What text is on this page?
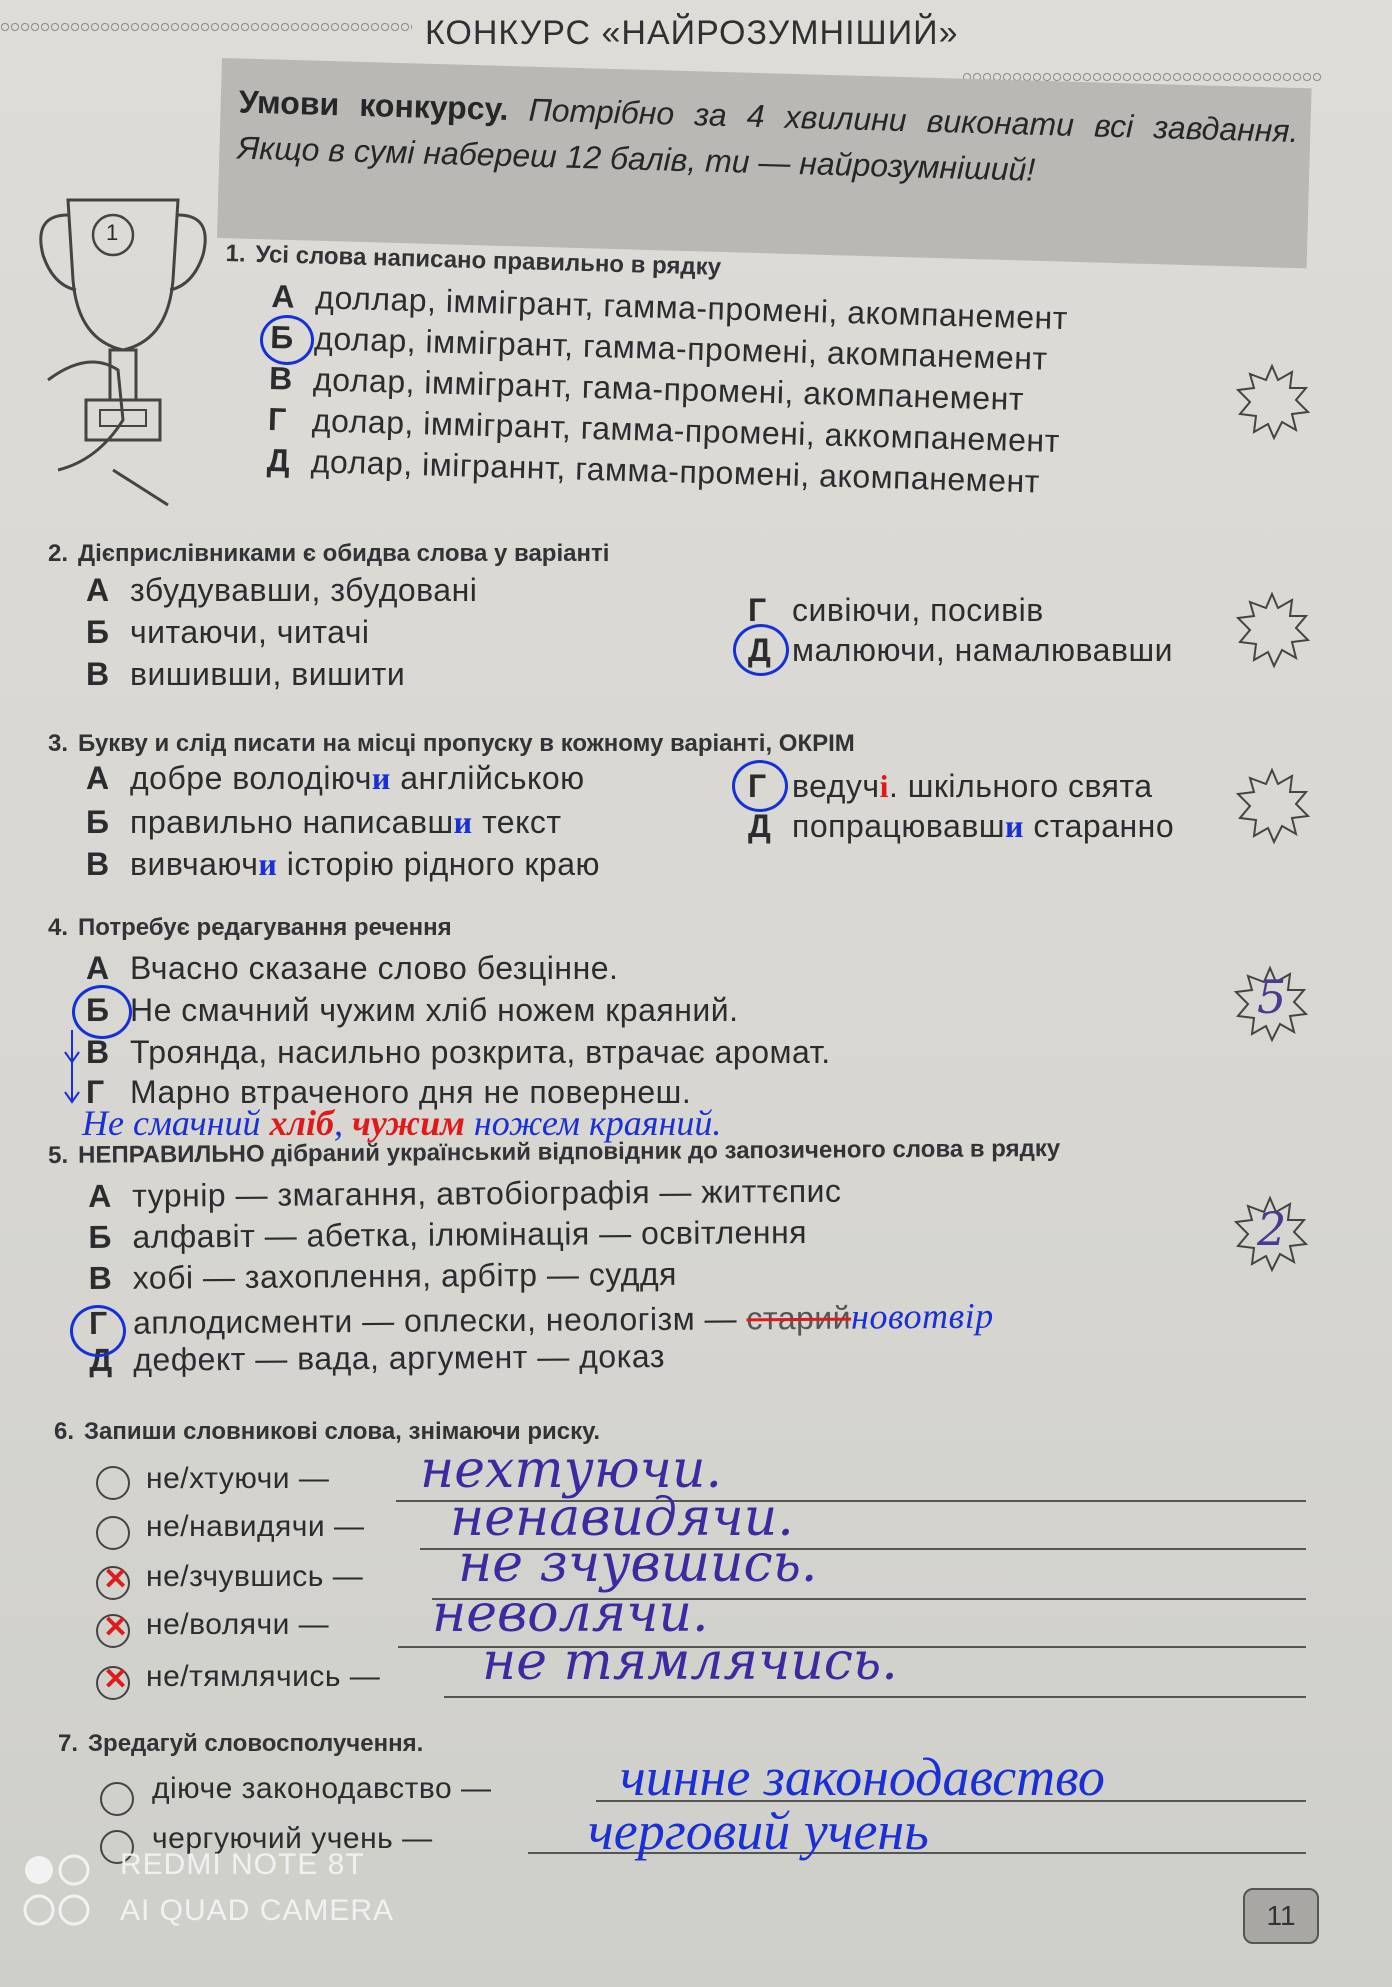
КОНКУРС «НАЙРОЗУМНІШИЙ»
Умови конкурсу. Потрібно за 4 хвилини виконати всі завдання. Якщо в сумі набереш 12 балів, ти — найрозумніший!
1
1. Усі слова написано правильно в рядку
А доллар, іммігрант, гамма-промені, акомпанемент
Б долар, іммігрант, гамма-промені, акомпанемент
В долар, іммігрант, гама-промені, акомпанемент
Г долар, іммігрант, гамма-промені, аккомпанемент
Д долар, іміграннт, гамма-промені, акомпанемент
2. Дієприслівниками є обидва слова у варіанті
А збудувавши, збудовані
Б читаючи, читачі
В вишивши, вишити
Г сивіючи, посивів
Д малюючи, намалювавши
3. Букву и слід писати на місці пропуску в кожному варіанті, ОКРІМ
А добре володіючи англійською
Б правильно написавши текст
В вивчаючи історію рідного краю
Г ведучі. шкільного свята
Д попрацювавши старанно
4. Потребує редагування речення
А Вчасно сказане слово безцінне.
Б Не смачний чужим хліб ножем краяний.
В Троянда, насильно розкрита, втрачає аромат.
Г Марно втраченого дня не повернеш.
Не смачний хліб, чужим ножем краяний.
5. НЕПРАВИЛЬНО дібраний український відповідник до запозиченого слова в рядку
А турнір — змагання, автобіографія — життєпис
Б алфавіт — абетка, ілюмінація — освітлення
В хобі — захоплення, арбітр — суддя
Г аплодисменти — оплески, неологізм — старийновотвір
Д дефект — вада, аргумент — доказ
5
2
6. Запиши словникові слова, знімаючи риску.
не/хтуючи — нехтуючи.
не/навидячи — ненавидячи.
✕ не/зчувшись — не зчувшись.
✕ не/волячи — неволячи.
✕ не/тямлячись — не тямлячись.
7. Зредагуй словосполучення.
діюче законодавство — чинне законодавство
чергуючий учень —	черговий учень
REDMI NOTE 8T
AI QUAD CAMERA	11
